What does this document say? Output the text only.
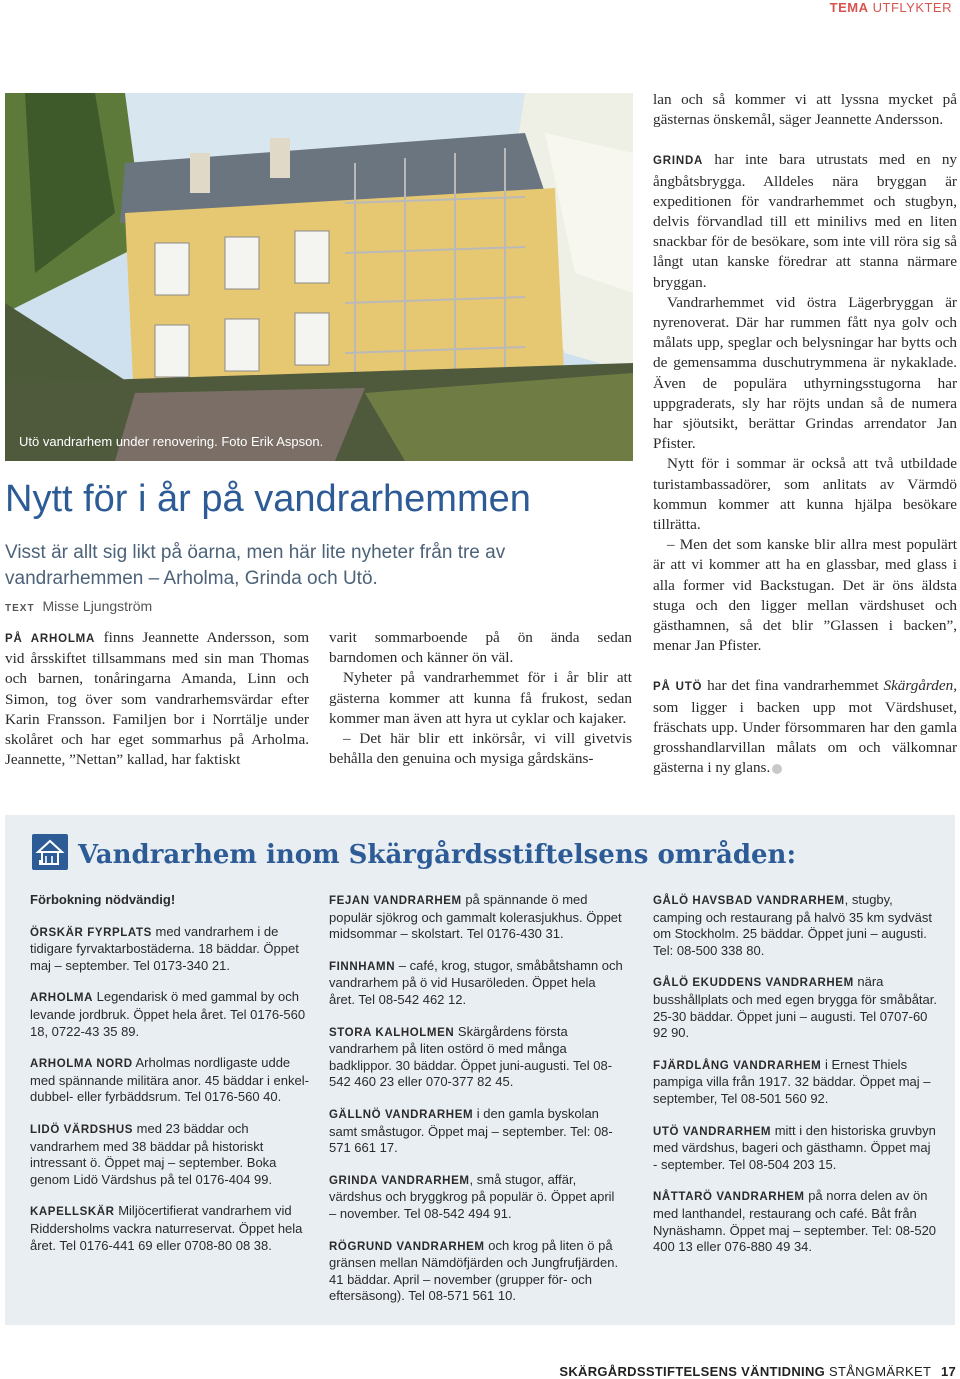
TEMA UTFLYKTER
Utö vandrarhem under renovering. Foto Erik Aspson.
Nytt för i år på vandrarhemmen
Visst är allt sig likt på öarna, men här lite nyheter från tre av vandrarhemmen – Arholma, Grinda och Utö.
TEXT Misse Ljungström

PÅ ARHOLMA finns Jeannette Andersson, som vid årsskiftet tillsammans med sin man Thomas och barnen, tonåringarna Amanda, Linn och Simon, tog över som vandrarhemsvärdar efter Karin Fransson. Familjen bor i Norrtälje under skolåret och har eget sommarhus på Arholma. Jeannette, ”Nettan” kallad, har faktiskt

varit sommarboende på ön ända sedan barndomen och känner ön väl.

Nyheter på vandrarhemmet för i år blir att gästerna kommer att kunna få frukost, sedan kommer man även att hyra ut cyklar och kajaker.

– Det här blir ett inkörsår, vi vill givetvis behålla den genuina och mysiga gårdskäns-

lan och så kommer vi att lyssna mycket på gästernas önskemål, säger Jeannette Andersson.

GRINDA har inte bara utrustats med en ny ångbåtsbrygga. Alldeles nära bryggan är expeditionen för vandrarhemmet och stugbyn, delvis förvandlad till ett minilivs med en liten snackbar för de besökare, som inte vill röra sig så långt utan kanske föredrar att stanna närmare bryggan.

Vandrarhemmet vid östra Lägerbryggan är nyrenoverat. Där har rummen fått nya golv och målats upp, speglar och belysningar har bytts och de gemensamma duschutrymmena är nykaklade. Även de populära uthyrningsstugorna har uppgraderats, sly har röjts undan så de numera har sjöutsikt, berättar Grindas arrendator Jan Pfister.

Nytt för i sommar är också att två utbildade turistambassadörer, som anlitats av Värmdö kommun kommer att kunna hjälpa besökare tillrätta.

– Men det som kanske blir allra mest populärt är att vi kommer att ha en glassbar, med glass i alla former vid Backstugan. Det är öns äldsta stuga och den ligger mellan värdshuset och gästhamnen, så det blir ”Glassen i backen”, menar Jan Pfister.

PÅ UTÖ har det fina vandrarhemmet Skärgården, som ligger i backen upp mot Värdshuset, fräschats upp. Under försommaren har den gamla grosshandlarvillan målats om och välkomnar gästerna i ny glans.

Vandrarhem inom Skärgårdsstiftelsens områden:

Förbokning nödvändig!

ÖRSKÄR FYRPLATS med vandrarhem i de tidigare fyrvaktarbostäderna. 18 bäddar. Öppet maj – september. Tel 0173-340 21.

ARHOLMA Legendarisk ö med gammal by och levande jordbruk. Öppet hela året. Tel 0176-560 18, 0722-43 35 89.

ARHOLMA NORD Arholmas nordligaste udde med spännande militära anor. 45 bäddar i enkel- dubbel- eller fyrbäddsrum. Tel 0176-560 40.

LIDÖ VÄRDSHUS med 23 bäddar och vandrarhem med 38 bäddar på historiskt intressant ö. Öppet maj – september. Boka genom Lidö Värdshus på tel 0176-404 99.

KAPELLSKÄR Miljöcertifierat vandrarhem vid Riddersholms vackra naturreservat. Öppet hela året. Tel 0176-441 69 eller 0708-80 08 38.

FEJAN VANDRARHEM på spännande ö med populär sjökrog och gammalt kolerasjukhus. Öppet midsommar – skolstart. Tel 0176-430 31.

FINNHAMN – café, krog, stugor, småbåtshamn och vandrarhem på ö vid Husaröleden. Öppet hela året. Tel 08-542 462 12.

STORA KALHOLMEN Skärgårdens första vandrarhem på liten ostörd ö med många badklippor. 30 bäddar. Öppet juni-augusti. Tel 08-542 460 23 eller 070-377 82 45.

GÄLLNÖ VANDRARHEM i den gamla byskolan samt småstugor. Öppet maj – september. Tel: 08-571 661 17.

GRINDA VANDRARHEM, små stugor, affär, värdshus och bryggkrog på populär ö. Öppet april – november. Tel 08-542 494 91.

RÖGRUND VANDRARHEM och krog på liten ö på gränsen mellan Nämdöfjärden och Jungfrufjärden. 41 bäddar. April – november (grupper för- och eftersäsong). Tel 08-571 561 10.

GÅLÖ HAVSBAD VANDRARHEM, stugby, camping och restaurang på halvö 35 km sydväst om Stockholm. 25 bäddar. Öppet juni – augusti. Tel: 08-500 338 80.

GÅLÖ EKUDDENS VANDRARHEM nära busshållplats och med egen brygga för småbåtar. 25-30 bäddar. Öppet juni – augusti. Tel 0707-60 92 90.

FJÄRDLÅNG VANDRARHEM i Ernest Thiels pampiga villa från 1917. 32 bäddar. Öppet maj – september, Tel 08-501 560 92.

UTÖ VANDRARHEM mitt i den historiska gruvbyn med värdshus, bageri och gästhamn. Öppet maj - september. Tel 08-504 203 15.

NÅTTARÖ VANDRARHEM på norra delen av ön med lanthandel, restaurang och café. Båt från Nynäshamn. Öppet maj – september. Tel: 08-520 400 13 eller 076-880 49 34.

SKÄRGÅRDSSTIFTELSENS VÄNTIDNING STÅNGMÄRKET 17
